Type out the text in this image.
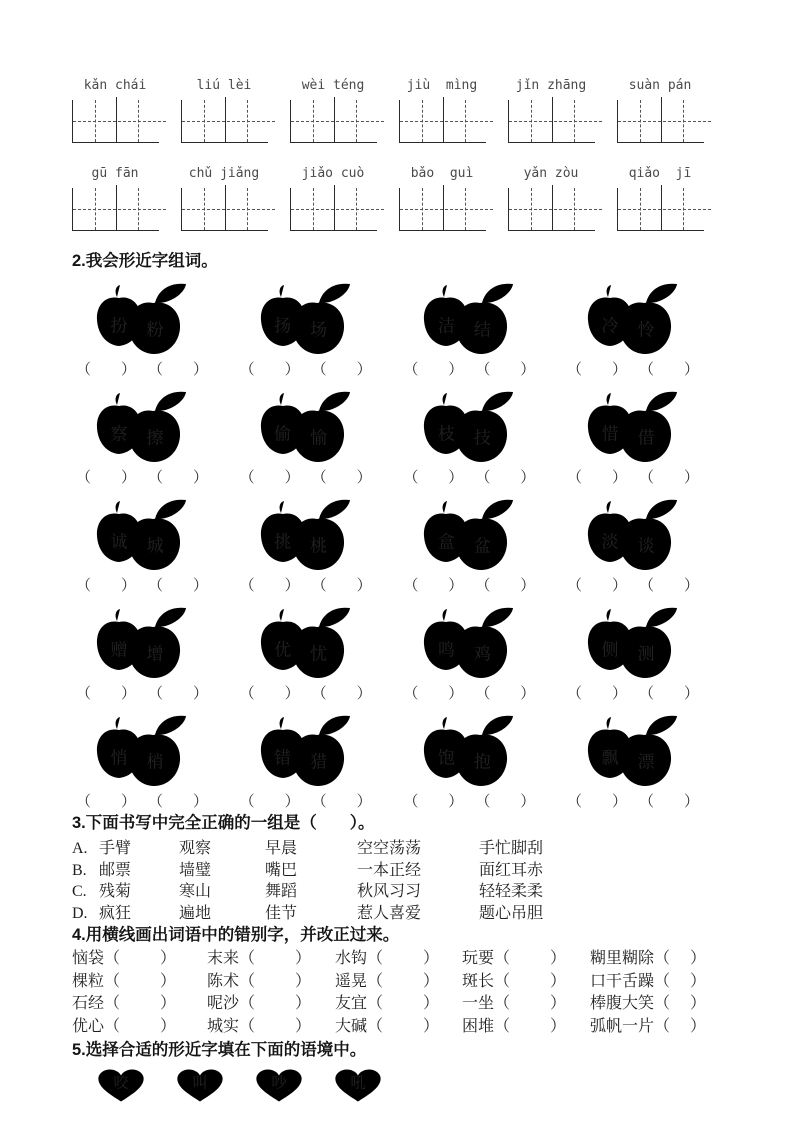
kǎn chái	liú lèi	wèi téng	jiù  mìng	jǐn zhāng	suàn pán
gū fān	chǔ jiǎng	jiǎo cuò	bǎo  guì	yǎn zòu	qiǎo  jī
2.我会形近字组词。
扮 粉
（ ） （ ）
扬 场
（ ） （ ）
洁 结
（ ） （ ）
冷 怜
（ ） （ ）
察 擦
（ ） （ ）
偷 愉
（ ） （ ）
枝 技
（ ） （ ）
惜 借
（ ） （ ）
诚 城
（ ） （ ）
挑 桃
（ ） （ ）
盒 盆
（ ） （ ）
淡 谈
（ ） （ ）
赠 增
（ ） （ ）
优 忧
（ ） （ ）
鸣 鸡
（ ） （ ）
侧 测
（ ） （ ）
悄 梢
（ ） （ ）
错 猎
（ ） （ ）
饱 抱
（ ） （ ）
飘 漂
（ ） （ ）
3.下面书写中完全正确的一组是（　　）。
A. 手臂	观察	早晨	空空荡荡	手忙脚刮
B. 邮票	墙璧	嘴巴	一本正经	面红耳赤
C. 残菊	寒山	舞蹈	秋风习习	轻轻柔柔
D. 疯狂	遍地	佳节	惹人喜爱	题心吊胆
4.用横线画出词语中的错别字，并改正过来。
恼袋 （ ） 末来 （ ） 水钩 （ ） 玩要 （ ） 糊里糊除 （ ）
棵粒 （ ） 陈术 （ ） 遥晃 （ ） 斑长 （ ） 口干舌躁 （ ）
石经 （ ） 呢沙 （ ） 友宜 （ ） 一坐 （ ） 棒腹大笑 （ ）
优心 （ ） 城实 （ ） 大碱 （ ） 困堆 （ ） 弧帆一片 （ ）
5.选择合适的形近字填在下面的语境中。
咬	叫	吵	吼
